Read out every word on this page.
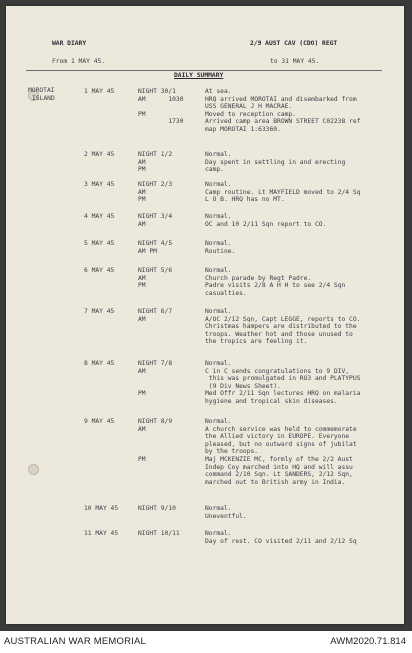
WAR DIARY	2/9 AUST CAV (CDO) REGT
From 1 MAY 45.	to 31 MAY 45.
DAILY SUMMARY
MOROTAI
ISLAND
1 MAY 45	NIGHT 30/1	At sea.
AM      1030	HRQ arrived MOROTAI and disembarked from
USS GENERAL J H MACRAE.
PM	Moved to reception camp.
1730	Arrived camp area BROWN STREET C02238 ref
map MOROTAI 1:63360.
2 MAY 45	NIGHT 1/2	Normal.
AM	Day spent in settling in and erecting
PM	camp.
3 MAY 45	NIGHT 2/3	Normal.
AM	Camp routine. Lt MAYFIELD moved to 2/4 Sq
PM	L O B. HRQ has no MT.
4 MAY 45	NIGHT 3/4	Normal.
AM	OC and 10 2/11 Sqn report to CO.
5 MAY 45	NIGHT 4/5	Normal.
AM PM	Routine.
6 MAY 45	NIGHT 5/6	Normal.
AM	Church parade by Regt Padre.
PM	Padre visits 2/8 A H H to see 2/4 Sqn
casualties.
7 MAY 45	NIGHT 6/7	Normal.
AM	A/OC 2/12 Sqn, Capt LEGGE, reports to CO.
Christmas hampers are distributed to the
troops. Weather hot and those unused to
the tropics are feeling it.
8 MAY 45	NIGHT 7/8	Normal.
AM	C in C sends congratulations to 9 DIV,
this was promulgated in RO3 and PLATYPUS
(9 Div News Sheet).
PM	Med Offr 2/11 Sqn lectures HRQ on malaria
hygiene and tropical skin diseases.
9 MAY 45	NIGHT 8/9	Normal.
AM	A church service was held to commemorate
the Allied victory in EUROPE. Everyone
pleased, but no outward signs of jubilat
by the troops.
PM	Maj MCKENZIE MC, formly of the 2/2 Aust
Indep Coy marched into HQ and will assu
command 2/10 Sqn. Lt SANDERS, 2/12 Sqn,
marched out to British army in India.
10 MAY 45	NIGHT 9/10	Normal.
Uneventful.
11 MAY 45	NIGHT 10/11	Normal.
Day of rest. CO visited 2/11 and 2/12 Sq
AUSTRALIAN WAR MEMORIAL	AWM2020.71.814
